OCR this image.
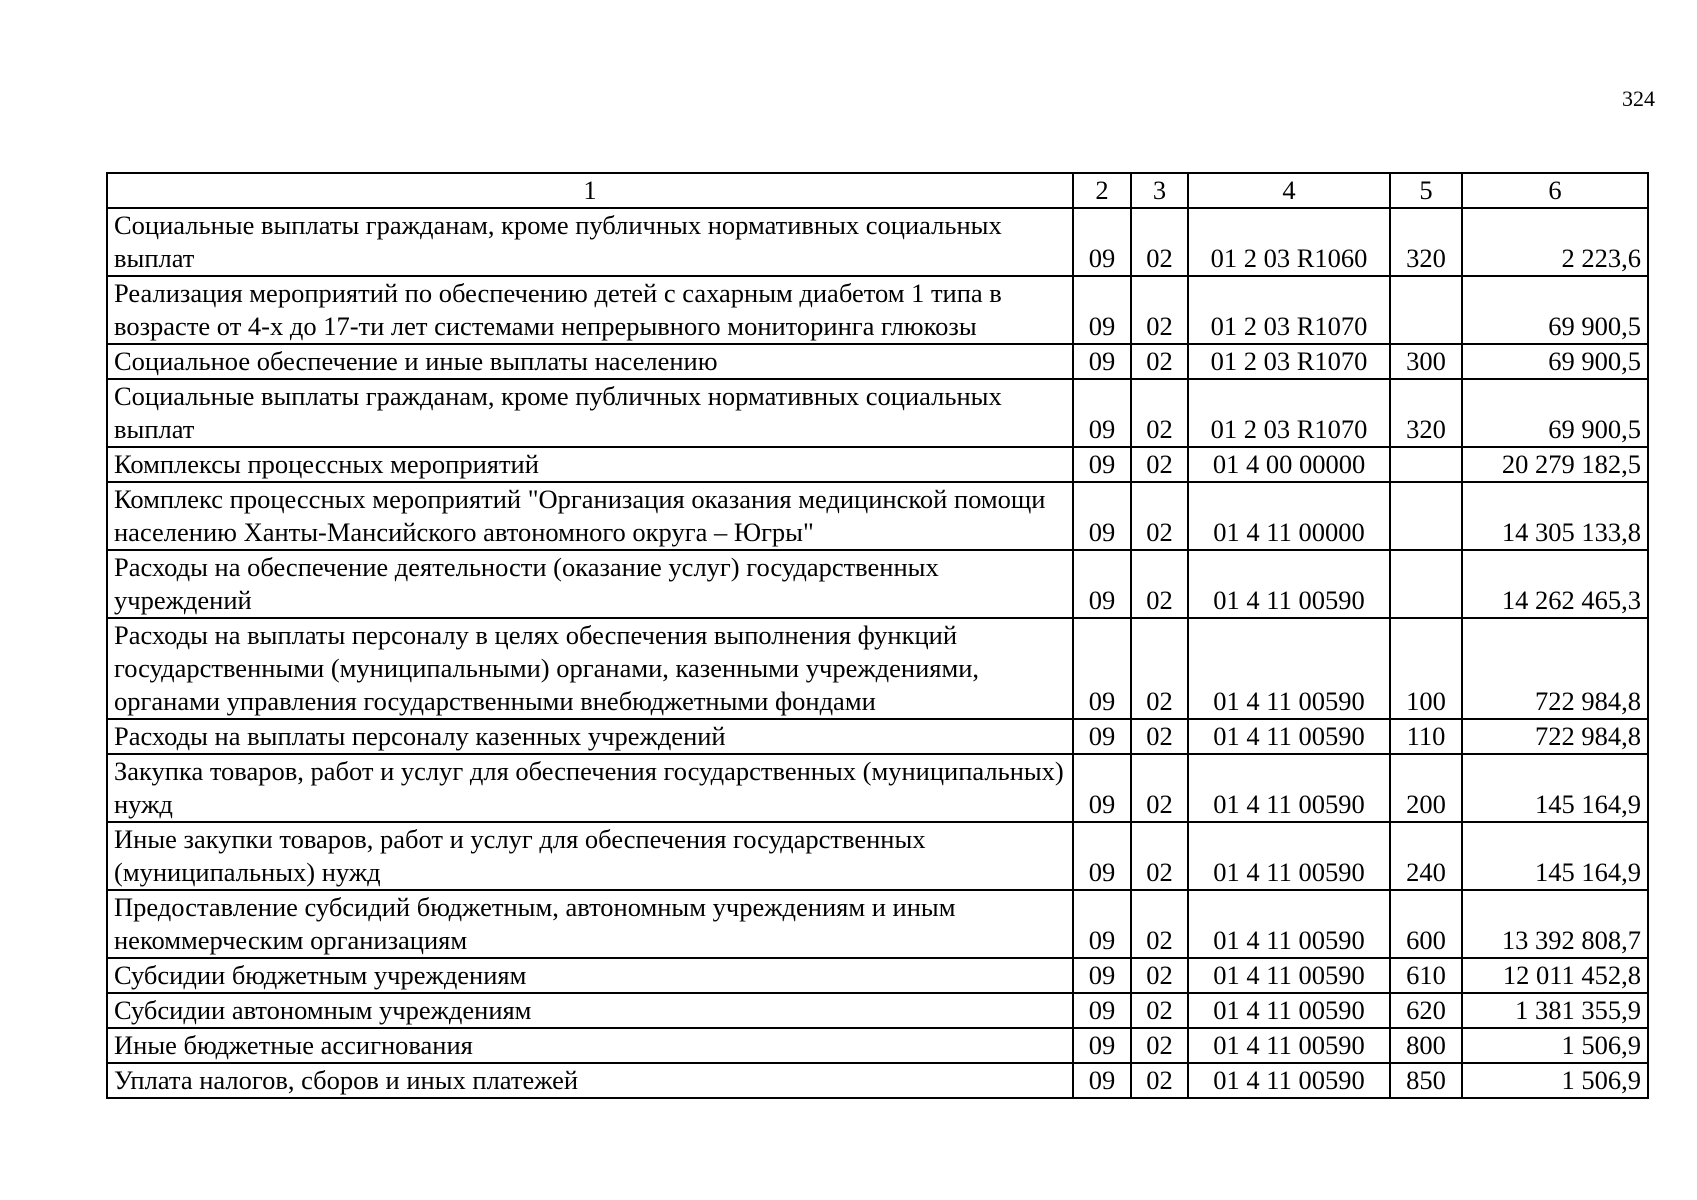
324
1	2	3	4	5	6
Социальные выплаты гражданам, кроме публичных нормативных социальных выплат	09	02	01 2 03 R1060	320	2 223,6
Реализация мероприятий по обеспечению детей с сахарным диабетом 1 типа в возрасте от 4-х до 17-ти лет системами непрерывного мониторинга глюкозы	09	02	01 2 03 R1070		69 900,5
Социальное обеспечение и иные выплаты населению	09	02	01 2 03 R1070	300	69 900,5
Социальные выплаты гражданам, кроме публичных нормативных социальных выплат	09	02	01 2 03 R1070	320	69 900,5
Комплексы процессных мероприятий	09	02	01 4 00 00000		20 279 182,5
Комплекс процессных мероприятий "Организация оказания медицинской помощи населению Ханты-Мансийского автономного округа – Югры"	09	02	01 4 11 00000		14 305 133,8
Расходы на обеспечение деятельности (оказание услуг) государственных учреждений	09	02	01 4 11 00590		14 262 465,3
Расходы на выплаты персоналу в целях обеспечения выполнения функций государственными (муниципальными) органами, казенными учреждениями, органами управления государственными внебюджетными фондами	09	02	01 4 11 00590	100	722 984,8
Расходы на выплаты персоналу казенных учреждений	09	02	01 4 11 00590	110	722 984,8
Закупка товаров, работ и услуг для обеспечения государственных (муниципальных) нужд	09	02	01 4 11 00590	200	145 164,9
Иные закупки товаров, работ и услуг для обеспечения государственных (муниципальных) нужд	09	02	01 4 11 00590	240	145 164,9
Предоставление субсидий бюджетным, автономным учреждениям и иным некоммерческим организациям	09	02	01 4 11 00590	600	13 392 808,7
Субсидии бюджетным учреждениям	09	02	01 4 11 00590	610	12 011 452,8
Субсидии автономным учреждениям	09	02	01 4 11 00590	620	1 381 355,9
Иные бюджетные ассигнования	09	02	01 4 11 00590	800	1 506,9
Уплата налогов, сборов и иных платежей	09	02	01 4 11 00590	850	1 506,9
